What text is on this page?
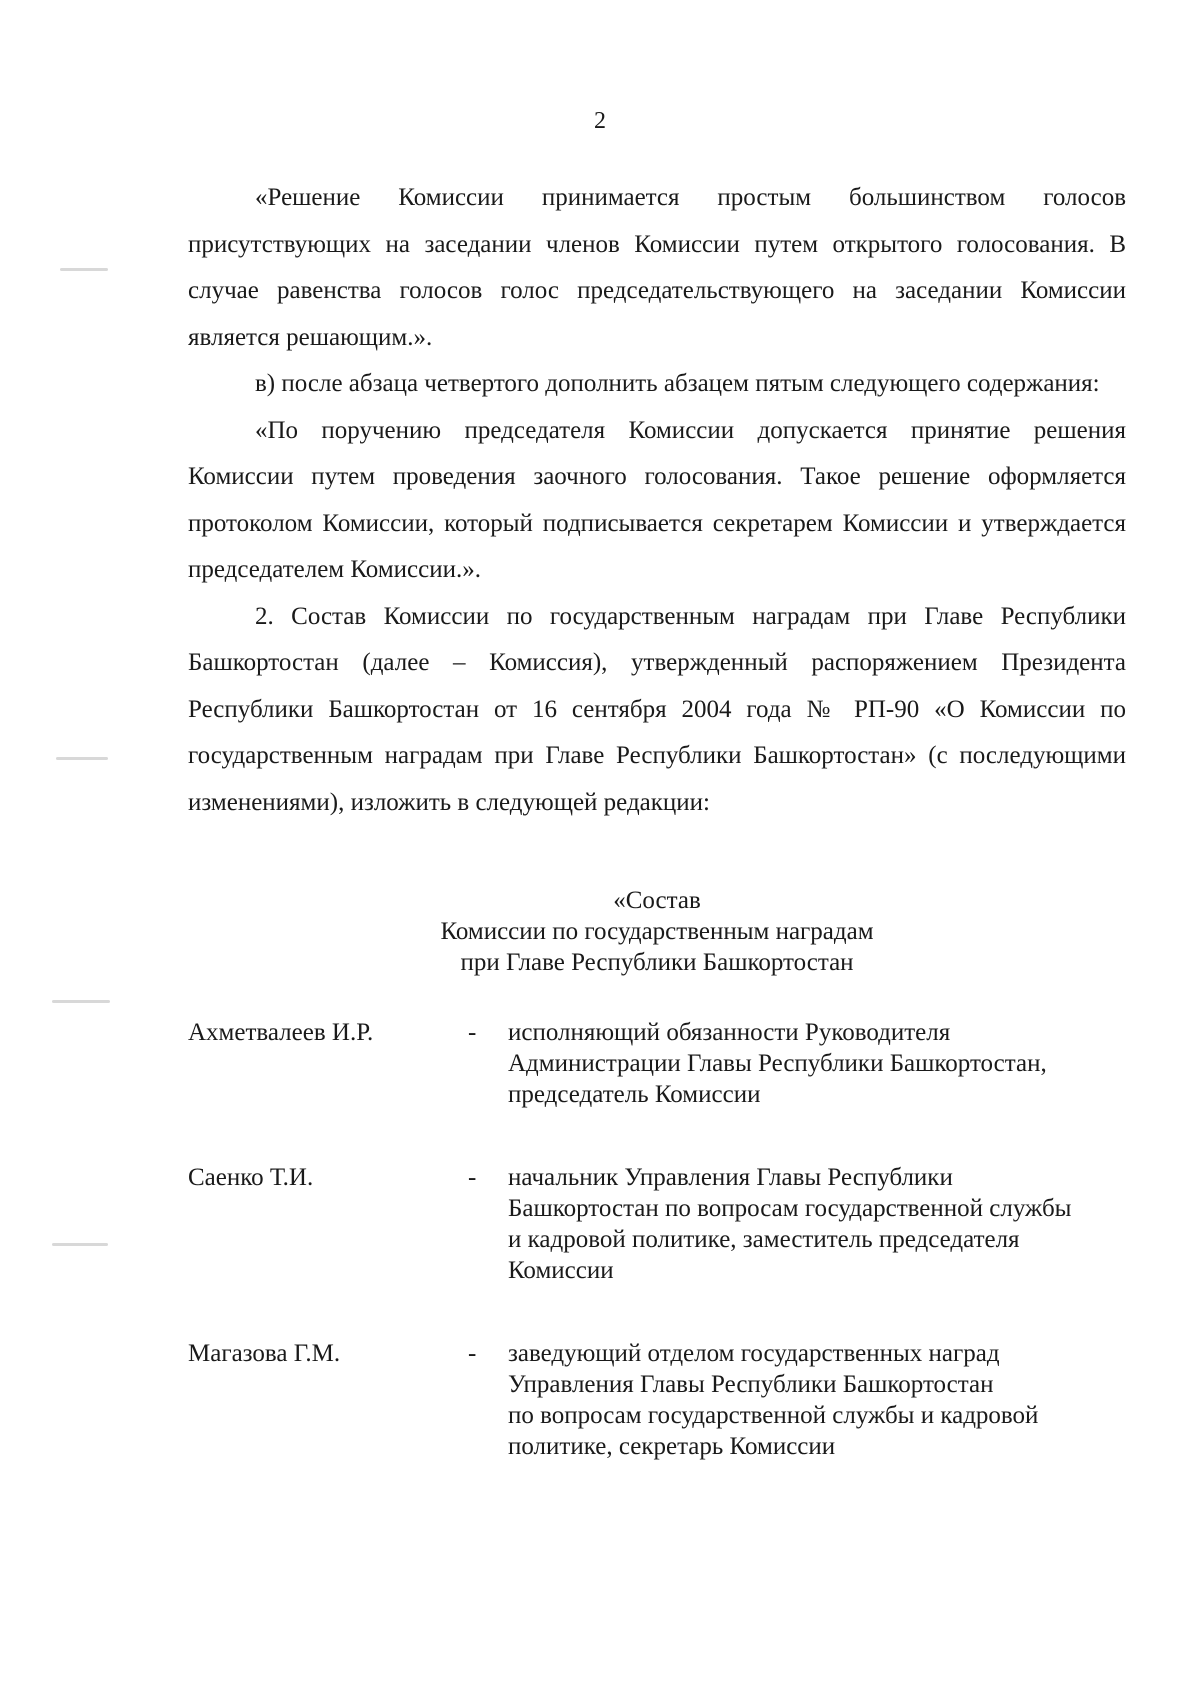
2

«Решение Комиссии принимается простым большинством голосов присутствующих на заседании членов Комиссии путем открытого голосования. В случае равенства голосов голос председательствующего на заседании Комиссии является решающим.».

в) после абзаца четвертого дополнить абзацем пятым следующего содержания:

«По поручению председателя Комиссии допускается принятие решения Комиссии путем проведения заочного голосования. Такое решение оформляется протоколом Комиссии, который подписывается секретарем Комиссии и утверждается председателем Комиссии.».

2. Состав Комиссии по государственным наградам при Главе Республики Башкортостан (далее – Комиссия), утвержденный распоряжением Президента Республики Башкортостан от 16 сентября 2004 года № РП-90 «О Комиссии по государственным наградам при Главе Республики Башкортостан» (с последующими изменениями), изложить в следующей редакции:

«Состав
Комиссии по государственным наградам
при Главе Республики Башкортостан
Ахметвалеев И.Р.	- исполняющий обязанности Руководителя
Администрации Главы Республики Башкортостан,
председатель Комиссии
Саенко Т.И.	- начальник Управления Главы Республики
Башкортостан по вопросам государственной службы
и кадровой политике, заместитель председателя
Комиссии
Магазова Г.М.	- заведующий отделом государственных наград
Управления Главы Республики Башкортостан
по вопросам государственной службы и кадровой
политике, секретарь Комиссии
